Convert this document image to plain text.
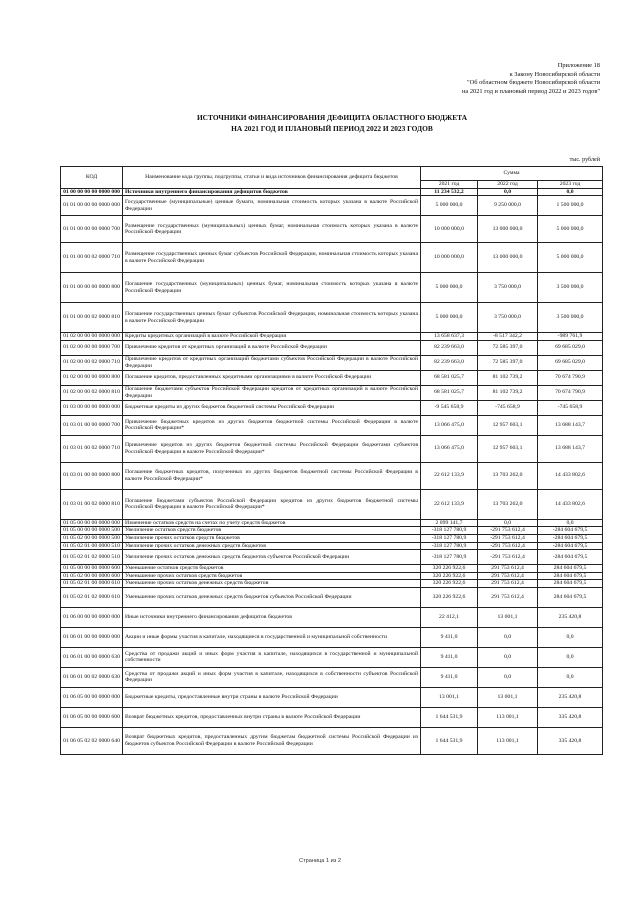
Приложение 18
к Закону Новосибирской области
"Об областном бюджете Новосибирской области
на 2021 год и плановый период 2022 и 2023 годов"
ИСТОЧНИКИ ФИНАНСИРОВАНИЯ ДЕФИЦИТА ОБЛАСТНОГО БЮДЖЕТА
НА 2021 ГОД И ПЛАНОВЫЙ ПЕРИОД 2022 И 2023 ГОДОВ
тыс. рублей
КОД	Наименование кода группы, подгруппы, статьи и вида источников финансирования дефицита бюджетов	Сумма		
		2021 год	2022 год	2023 год
01 00 00 00 00 0000 000	Источники внутреннего финансирования дефицитов бюджетов	11 234 532,2	0,0	0,0
01 01 00 00 00 0000 000	Государственные (муниципальные) ценные бумаги, номинальная стоимость которых указана в валюте Российской Федерации	5 000 000,0	9 250 000,0	1 500 000,0
01 01 00 00 00 0000 700	Размещение государственных (муниципальных) ценных бумаг, номинальная стоимость которых указана в валюте Российской Федерации	10 000 000,0	13 000 000,0	5 000 000,0
01 01 00 00 02 0000 710	Размещение государственных ценных бумаг субъектов Российской Федерации, номинальная стоимость которых указана в валюте Российской Федерации	10 000 000,0	13 000 000,0	5 000 000,0
01 01 00 00 00 0000 800	Погашение государственных (муниципальных) ценных бумаг, номинальная стоимость которых указана в валюте Российской Федерации	5 000 000,0	3 750 000,0	3 500 000,0
01 01 00 00 02 0000 810	Погашение государственных ценных бумаг субъектов Российской Федерации, номинальная стоимость которых указана в валюте Российской Федерации	5 000 000,0	3 750 000,0	3 500 000,0
01 02 00 00 00 0000 000	Кредиты кредитных организаций в валюте Российской Федерации	13 658 637,3	-8 517 342,2	-989 761,9
01 02 00 00 00 0000 700	Привлечение кредитов от кредитных организаций в валюте Российской Федерации	82 239 663,0	72 585 397,0	69 685 029,0
01 02 00 00 02 0000 710	Привлечение кредитов от кредитных организаций бюджетами субъектов Российской Федерации в валюте Российской Федерации	82 239 663,0	72 585 397,0	69 685 029,0
01 02 00 00 00 0000 800	Погашение кредитов, предоставленных кредитными организациями в валюте Российской Федерации	68 581 025,7	81 102 739,2	70 674 790,9
01 02 00 00 02 0000 810	Погашение бюджетами субъектов Российской Федерации кредитов от кредитных организаций в валюте Российской Федерации	68 581 025,7	81 102 739,2	70 674 790,9
01 03 00 00 00 0000 000	Бюджетные кредиты из других бюджетов бюджетной системы Российской Федерации	-9 545 658,9	-745 658,9	-745 658,9
01 03 01 00 00 0000 700	Привлечение бюджетных кредитов из других бюджетов бюджетной системы Российской Федерации в валюте Российской Федерации*	13 066 475,0	12 957 603,1	13 688 143,7
01 03 01 00 02 0000 710	Привлечение кредитов из других бюджетов бюджетной системы Российской Федерации бюджетами субъектов Российской Федерации в валюте Российской Федерации*	13 066 475,0	12 957 603,1	13 688 143,7
01 03 01 00 00 0000 800	Погашение бюджетных кредитов, полученных из других бюджетов бюджетной системы Российской Федерации в валюте Российской Федерации*	22 612 133,9	13 703 262,0	14 433 802,6
01 03 01 00 02 0000 810	Погашение бюджетами субъектов Российской Федерации кредитов из других бюджетов бюджетной системы Российской Федерации в валюте Российской Федерации*	22 612 133,9	13 703 262,0	14 433 802,6
01 05 00 00 00 0000 000	Изменение остатков средств на счетах по учету средств бюджетов	2 099 141,7	0,0	0,0
01 05 00 00 00 0000 500	Увеличение остатков средств бюджетов	-318 127 780,9	-291 753 612,4	-284 604 679,5
01 05 02 00 00 0000 500	Увеличение прочих остатков средств бюджетов	-318 127 780,9	-291 753 612,4	-284 604 679,5
01 05 02 01 00 0000 510	Увеличение прочих остатков денежных средств бюджетов	-318 127 780,9	-291 753 612,4	-284 604 679,5
01 05 02 01 02 0000 510	Увеличение прочих остатков денежных средств бюджетов субъектов Российской Федерации	-318 127 780,9	-291 753 612,4	-284 604 679,5
01 05 00 00 00 0000 600	Уменьшение остатков средств бюджетов	320 226 922,6	291 753 612,4	284 604 679,5
01 05 02 00 00 0000 600	Уменьшение прочих остатков средств бюджетов	320 226 922,6	291 753 612,4	284 604 679,5
01 05 02 01 00 0000 610	Уменьшение прочих остатков денежных средств бюджетов	320 226 922,6	291 753 612,4	284 604 679,5
01 05 02 01 02 0000 610	Уменьшение прочих остатков денежных средств бюджетов субъектов Российской Федерации	320 226 922,6	291 753 612,4	284 604 679,5
01 06 00 00 00 0000 000	Иные источники внутреннего финансирования дефицитов бюджетов	22 412,1	13 001,1	235 420,8
01 06 01 00 00 0000 000	Акции и иные формы участия в капитале, находящиеся в государственной и муниципальной собственности	9 411,0	0,0	0,0
01 06 01 00 00 0000 630	Средства от продажи акций и иных форм участия в капитале, находящихся в государственной и муниципальной собственности	9 411,0	0,0	0,0
01 06 01 00 02 0000 630	Средства от продажи акций и иных форм участия в капитале, находящихся в собственности субъектов Российской Федерации	9 411,0	0,0	0,0
01 06 05 00 00 0000 000	Бюджетные кредиты, предоставленные внутри страны в валюте Российской Федерации	13 001,1	13 001,1	235 420,8
01 06 05 00 00 0000 600	Возврат бюджетных кредитов, предоставленных внутри страны в валюте Российской Федерации	1 644 531,9	113 001,1	335 420,8
01 06 05 02 02 0000 640	Возврат бюджетных кредитов, предоставленных другим бюджетам бюджетной системы Российской Федерации из бюджетов субъектов Российской Федерации в валюте Российской Федерации	1 644 531,9	113 001,1	335 420,8
Страница 1 из 2
